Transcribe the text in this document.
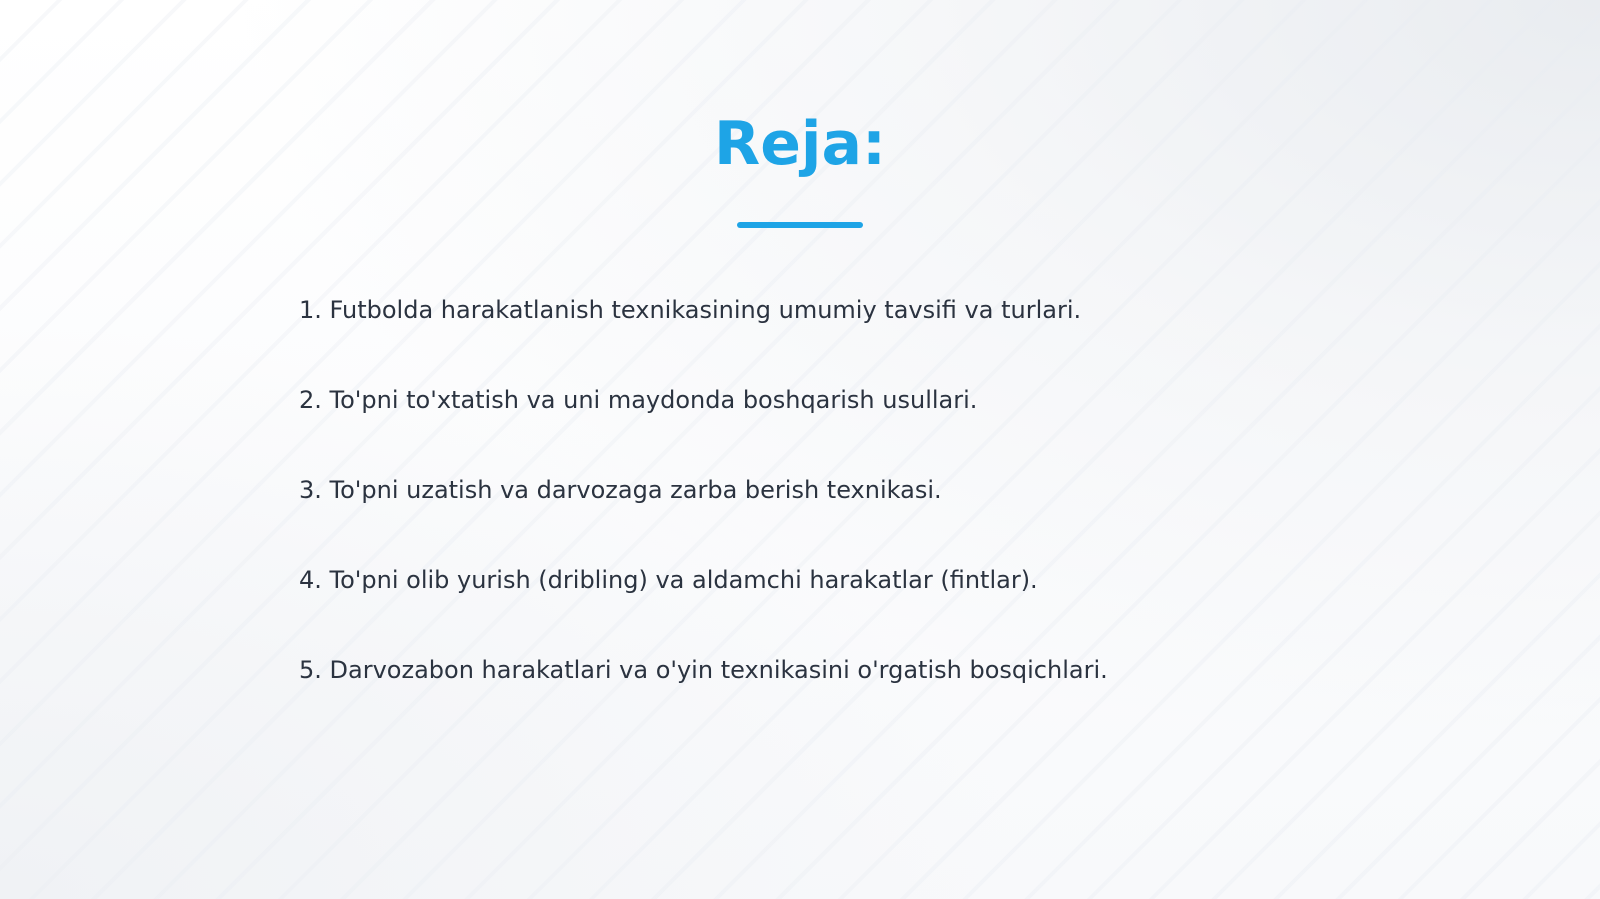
Reja:
1. Futbolda harakatlanish texnikasining umumiy tavsifi va turlari.
2. To'pni to'xtatish va uni maydonda boshqarish usullari.
3. To'pni uzatish va darvozaga zarba berish texnikasi.
4. To'pni olib yurish (dribling) va aldamchi harakatlar (fintlar).
5. Darvozabon harakatlari va o'yin texnikasini o'rgatish bosqichlari.
